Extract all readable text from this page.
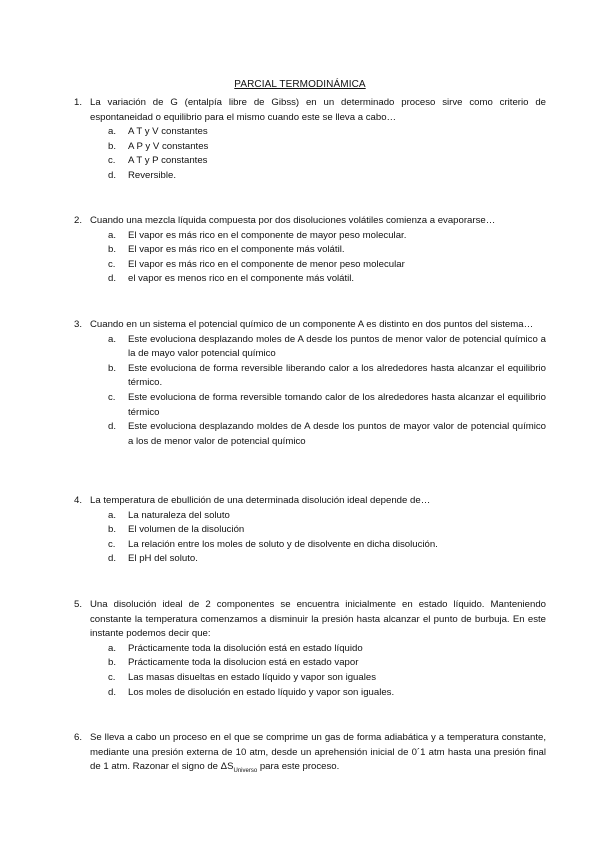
PARCIAL TERMODINÁMICA
1. La variación de G (entalpía libre de Gibss) en un determinado proceso sirve como criterio de espontaneidad o equilibrio para el mismo cuando este se lleva a cabo…
a. A T y V constantes
b. A P y V constantes
c. A T y P constantes
d. Reversible.
2. Cuando una mezcla líquida compuesta por dos disoluciones volátiles comienza a evaporarse…
a. El vapor es más rico en el componente de mayor peso molecular.
b. El vapor es más rico en el componente más volátil.
c. El vapor es más rico en el componente de menor peso molecular
d. el vapor es menos rico en el componente más volátil.
3. Cuando en un sistema el potencial químico de un componente A es distinto en dos puntos del sistema…
a. Este evoluciona desplazando moles de A desde los puntos de menor valor de potencial químico a la de mayo valor potencial químico
b. Este evoluciona de forma reversible liberando calor a los alrededores hasta alcanzar el equilibrio térmico.
c. Este evoluciona de forma reversible tomando calor de los alrededores hasta alcanzar el equilibrio térmico
d. Este evoluciona desplazando moldes de A desde los puntos de mayor valor de potencial químico a los de menor valor de potencial químico
4. La temperatura de ebullición de una determinada disolución ideal depende de…
a. La naturaleza del soluto
b. El volumen de la disolución
c. La relación entre los moles de soluto y de disolvente en dicha disolución.
d. El pH del soluto.
5. Una disolución ideal de 2 componentes se encuentra inicialmente en estado líquido. Manteniendo constante la temperatura comenzamos a disminuir la presión hasta alcanzar el punto de burbuja. En este instante podemos decir que:
a. Prácticamente toda la disolución está en estado líquido
b. Prácticamente toda la disolucion está en estado vapor
c. Las masas disueltas en estado líquido y vapor son iguales
d. Los moles de disolución en estado líquido y vapor son iguales.
6. Se lleva a cabo un proceso en el que se comprime un gas de forma adiabática y a temperatura constante, mediante una presión externa de 10 atm, desde un aprehensión inicial de 0´1 atm hasta una presión final de 1 atm. Razonar el signo de $\Delta S_{Universo}$ para este proceso.
